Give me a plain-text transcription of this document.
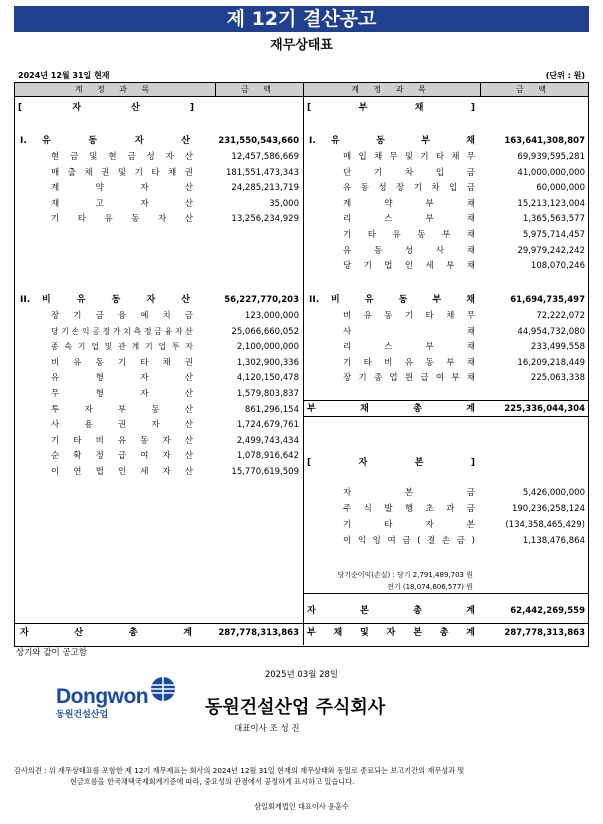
제 12기 결산공고
재무상태표
2024년 12월 31일 현재	(단위 : 원)
계 정 과 목	금 액	계 정 과 목	금 액
[	자	산	]
I. 유	동	자	산	231,550,543,660
현 금 및 현 금 성 자 산	12,457,586,669
매 출 채 권 및 기 타 채 권	181,551,473,343
계	약	자	산	24,285,213,719
재	고	자	산	35,000
기 타 유 동 자 산	13,256,234,929
II. 비	유	동	자	산	56,227,770,203
장 기 금 융 예 치 금	123,000,000
당 기 손 익 공 정 가 치 측 정 금 융 자 산	25,066,660,052
종 속 기 업 및 관 계 기 업 투 자	2,100,000,000
비 유 동 기 타 채 권	1,302,900,336
유	형	자	산	4,120,150,478
무	형	자	산	1,579,803,837
투	자	부	동	산	861,296,154
사	용	권	자	산	1,724,679,761
기 타 비 유 동 자 산	2,499,743,434
순 확 정 급 여 자 산	1,078,916,642
이 연 법 인 세 자 산	15,770,619,509
자	산	총	계	287,778,313,863
[	부	채	]
I. 유	동	부	채	163,641,308,807
매 입 채 무 및 기 타 채 무	69,939,595,281
단	기	차	입	금	41,000,000,000
유 동 성 장 기 차 입 금	60,000,000
계	약	부	채	15,213,123,004
리	스	부	채	1,365,563,577
기 타 유 동 부 채	5,975,714,457
유	동	성	사	채	29,979,242,242
당 기 법 인 세 부 채	108,070,246
II. 비	유	동	부	채	61,694,735,497
비 유 동 기 타 채 무	72,222,072
사	채	44,954,732,080
리	스	부	채	233,499,558
기 타 비 유 동 부 채	16,209,218,449
장 기 종 업 원 급 여 부 채	225,063,338
부	채	총	계	225,336,044,304
[	자	본	]
자	본	금	5,426,000,000
주 식 발 행 초 과 금	190,236,258,124
기	타	자	본	(134,358,465,429)
이 익 잉 여 금 ( 결 손 금 )	1,138,476,864
당기순이익(손실) : 당기 2,791,489,703 원
전기 (18,074,606,577) 원
자	본	총	계	62,442,269,559
부 채 및 자 본 총 계	287,778,313,863
상기와 같이 공고함
2025년 03월 28일
Dongwon
동원건설산업	동원건설산업 주식회사
대표이사 조 성 진
감사의견 : 위 재무상태표를 포함한 제 12기 재무제표는 회사의 2024년 12월 31일 현재의 재무상태와 동일로 종료되는 보고기간의 재무성과 및
현금흐름을 한국채택국제회계기준에 따라, 중요성의 관점에서 공정하게 표시하고 있습니다.
삼일회계법인 대표이사 윤훈수
